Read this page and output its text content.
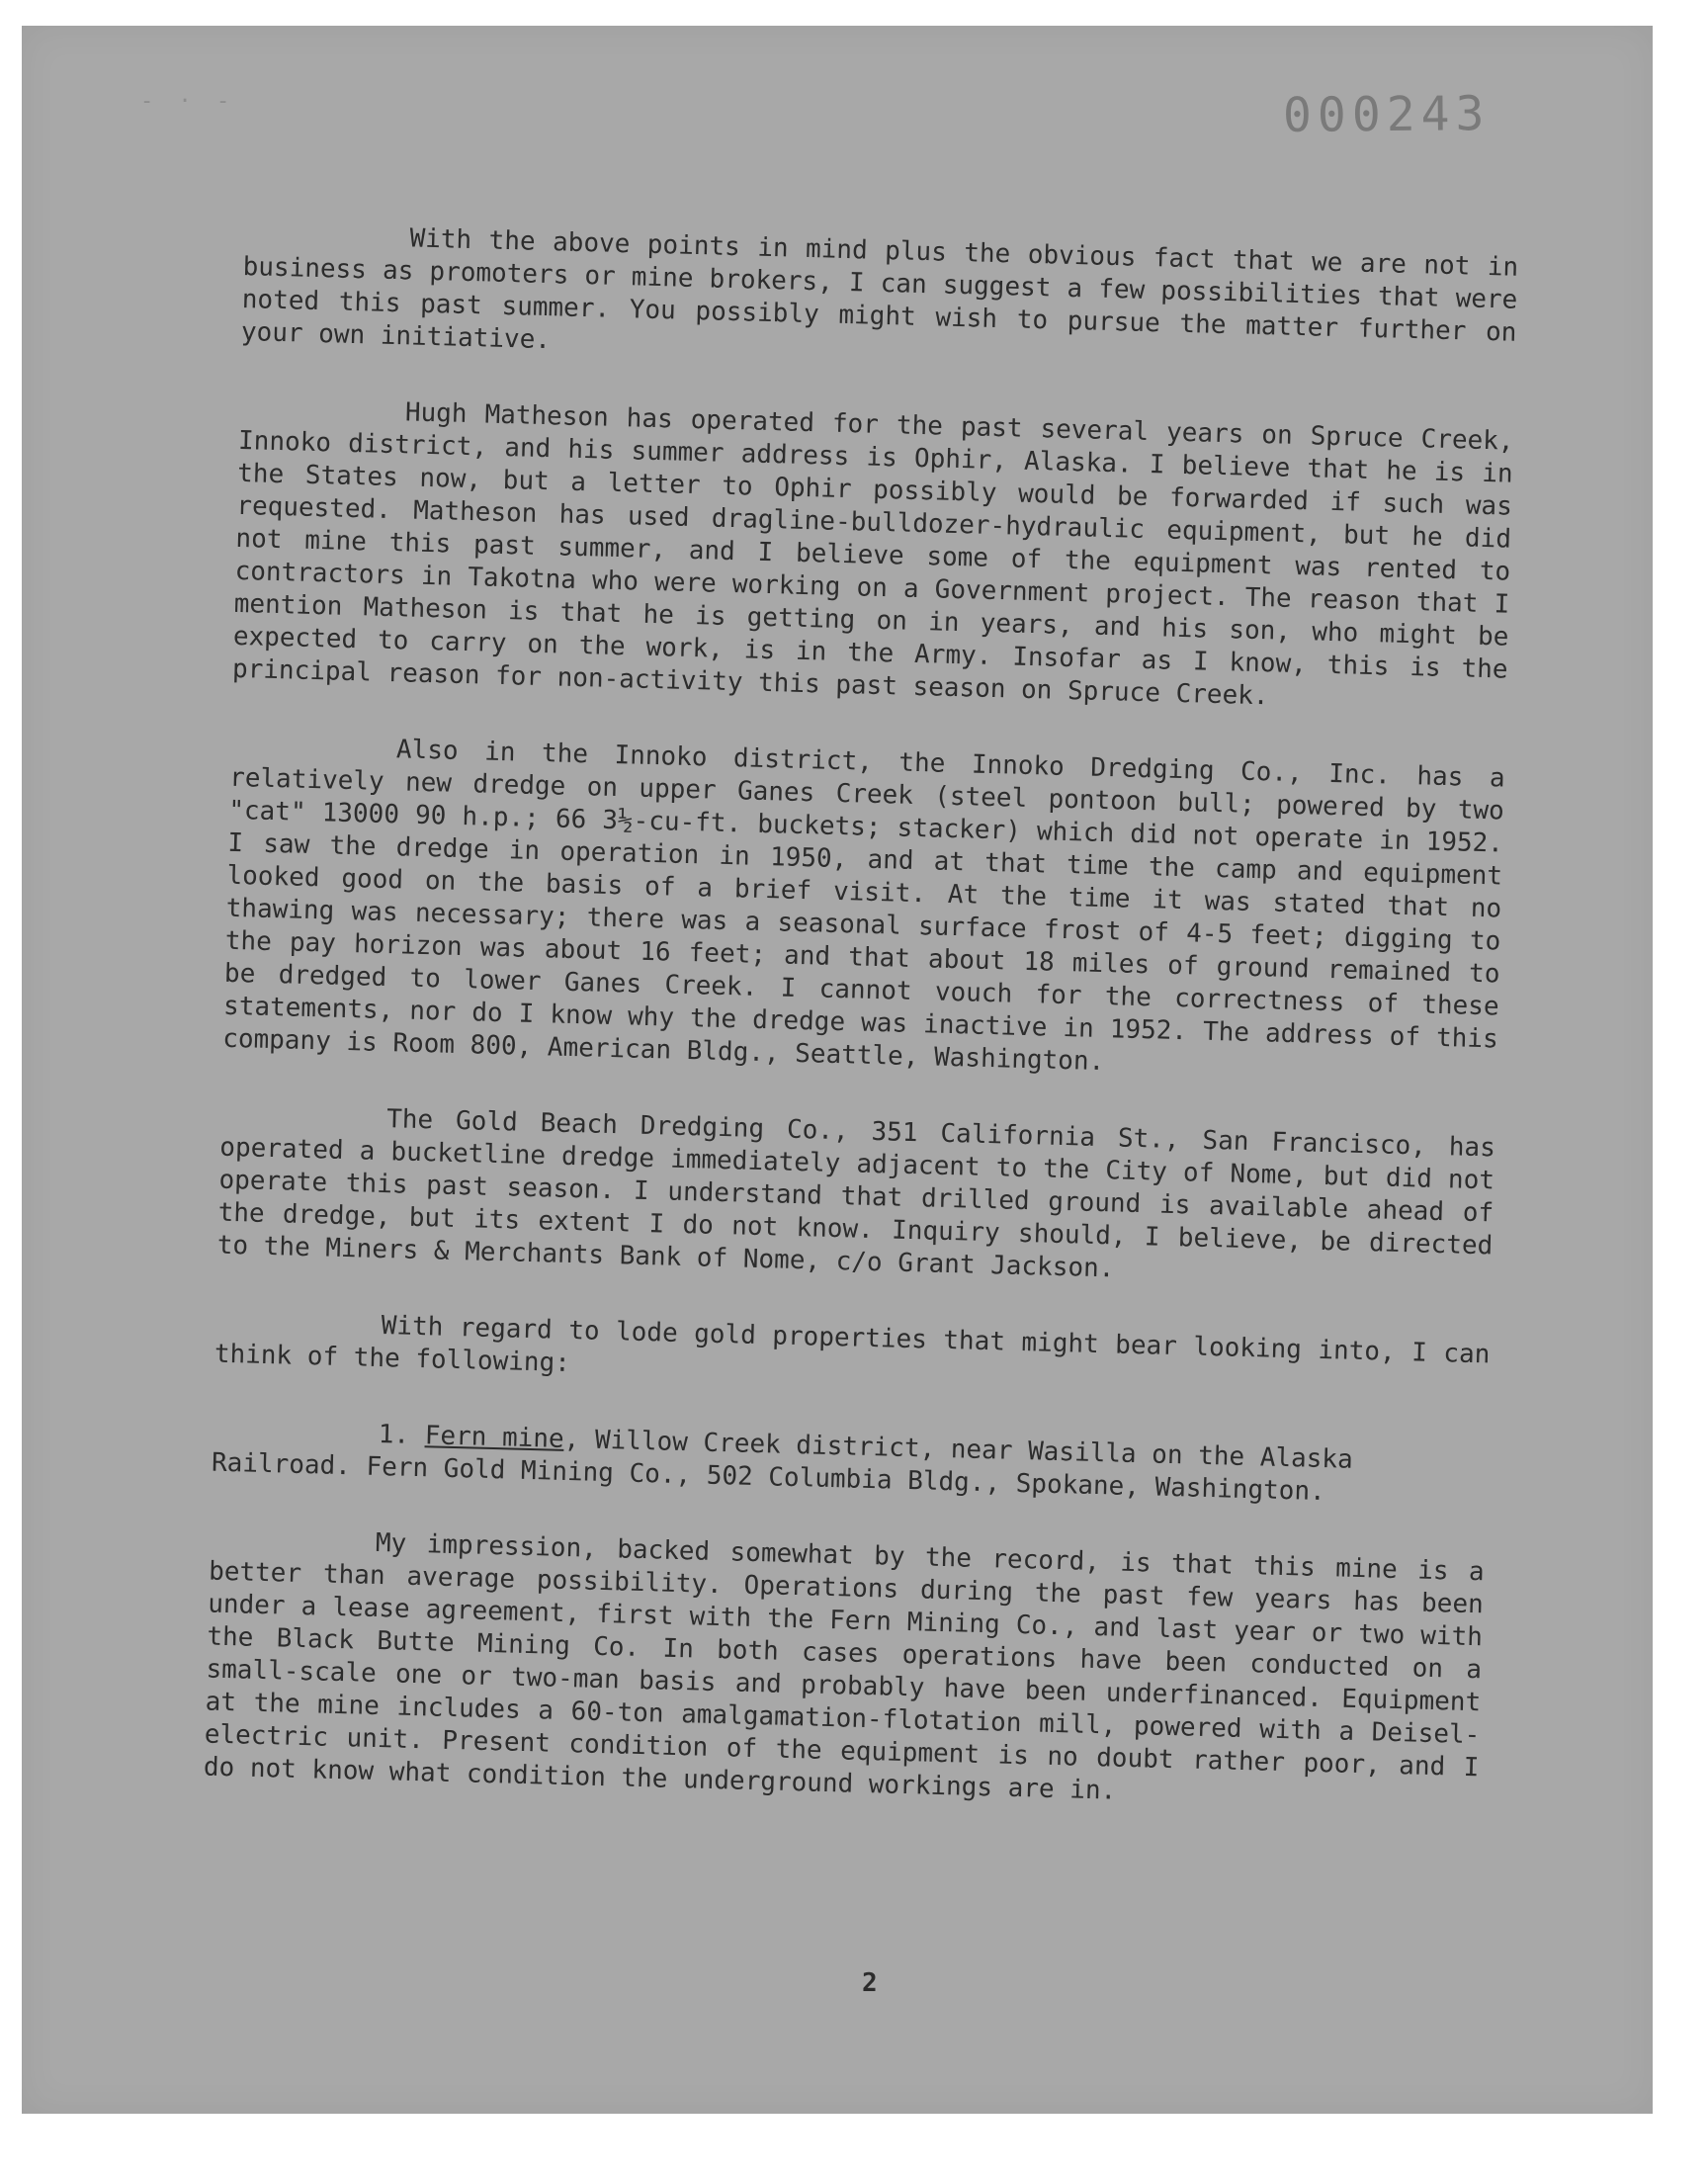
- · -	000243

With the above points in mind plus the obvious fact that we are not in business as promoters or mine brokers, I can suggest a few possibilities that were noted this past summer. You possibly might wish to pursue the matter further on your own initiative.

Hugh Matheson has operated for the past several years on Spruce Creek, Innoko district, and his summer address is Ophir, Alaska. I believe that he is in the States now, but a letter to Ophir possibly would be forwarded if such was requested. Matheson has used dragline-bulldozer-hydraulic equipment, but he did not mine this past summer, and I believe some of the equipment was rented to contractors in Takotna who were working on a Government project. The reason that I mention Matheson is that he is getting on in years, and his son, who might be expected to carry on the work, is in the Army. Insofar as I know, this is the principal reason for non-activity this past season on Spruce Creek.

Also in the Innoko district, the Innoko Dredging Co., Inc. has a relatively new dredge on upper Ganes Creek (steel pontoon bull; powered by two "cat" 13000 90 h.p.; 66 3½-cu-ft. buckets; stacker) which did not operate in 1952. I saw the dredge in operation in 1950, and at that time the camp and equipment looked good on the basis of a brief visit. At the time it was stated that no thawing was necessary; there was a seasonal surface frost of 4-5 feet; digging to the pay horizon was about 16 feet; and that about 18 miles of ground remained to be dredged to lower Ganes Creek. I cannot vouch for the correctness of these statements, nor do I know why the dredge was inactive in 1952. The address of this company is Room 800, American Bldg., Seattle, Washington.

The Gold Beach Dredging Co., 351 California St., San Francisco, has operated a bucketline dredge immediately adjacent to the City of Nome, but did not operate this past season. I understand that drilled ground is available ahead of the dredge, but its extent I do not know. Inquiry should, I believe, be directed to the Miners & Merchants Bank of Nome, c/o Grant Jackson.

With regard to lode gold properties that might bear looking into, I can think of the following:

1. Fern mine, Willow Creek district, near Wasilla on the Alaska Railroad. Fern Gold Mining Co., 502 Columbia Bldg., Spokane, Washington.

My impression, backed somewhat by the record, is that this mine is a better than average possibility. Operations during the past few years has been under a lease agreement, first with the Fern Mining Co., and last year or two with the Black Butte Mining Co. In both cases operations have been conducted on a small-scale one or two-man basis and probably have been underfinanced. Equipment at the mine includes a 60-ton amalgamation-flotation mill, powered with a Deisel-electric unit. Present condition of the equipment is no doubt rather poor, and I do not know what condition the underground workings are in.

2
